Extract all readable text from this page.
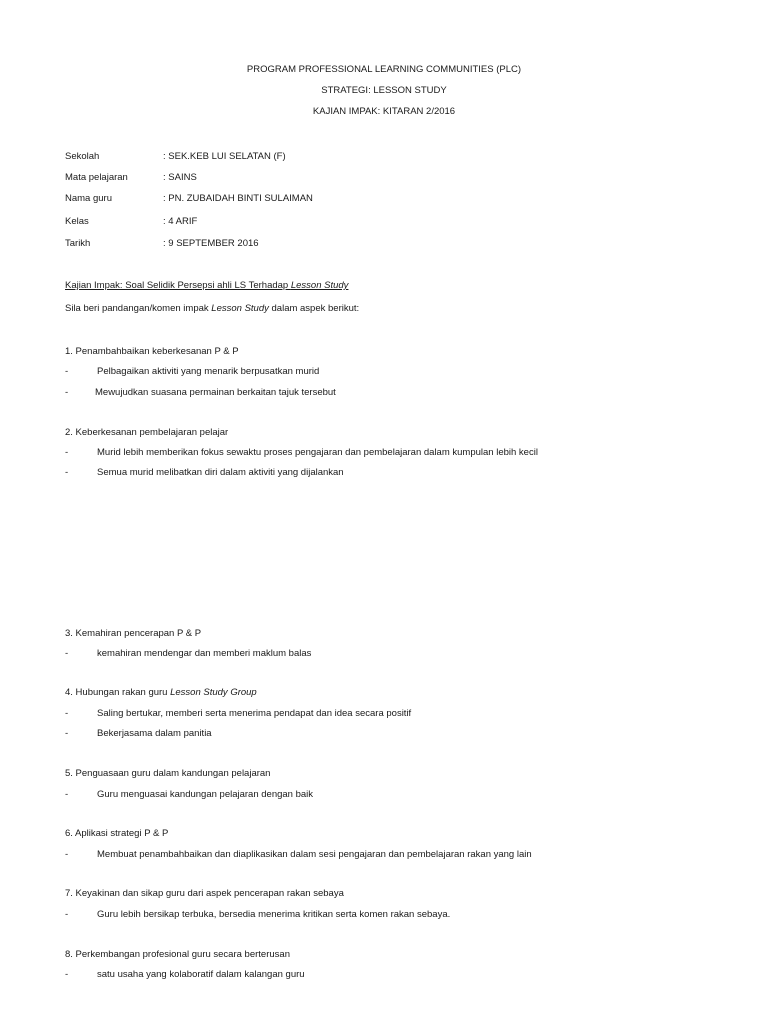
PROGRAM PROFESSIONAL LEARNING COMMUNITIES (PLC)
STRATEGI: LESSON STUDY
KAJIAN IMPAK: KITARAN 2/2016
Sekolah	: SEK.KEB LUI SELATAN (F)
Mata pelajaran	: SAINS
Nama guru	: PN. ZUBAIDAH BINTI SULAIMAN
Kelas	: 4 ARIF
Tarikh	: 9 SEPTEMBER 2016
Kajian Impak: Soal Selidik Persepsi ahli LS Terhadap Lesson Study
Sila beri pandangan/komen impak Lesson Study dalam aspek berikut:
1. Penambahbaikan keberkesanan P & P
-	Pelbagaikan aktiviti yang menarik berpusatkan murid
-	Mewujudkan suasana permainan berkaitan tajuk tersebut
2. Keberkesanan pembelajaran pelajar
-	Murid lebih memberikan fokus sewaktu proses pengajaran dan pembelajaran dalam kumpulan lebih kecil
-	Semua murid melibatkan diri dalam aktiviti yang dijalankan
3. Kemahiran pencerapan P & P
-	kemahiran mendengar dan memberi maklum balas
4. Hubungan rakan guru Lesson Study Group
-	Saling bertukar, memberi serta menerima pendapat dan idea secara positif
-	Bekerjasama dalam panitia
5. Penguasaan guru dalam kandungan pelajaran
-	Guru menguasai kandungan pelajaran dengan baik
6. Aplikasi strategi P & P
-	Membuat penambahbaikan dan diaplikasikan dalam sesi pengajaran dan pembelajaran rakan yang lain
7. Keyakinan dan sikap guru dari aspek pencerapan rakan sebaya
-	Guru lebih bersikap terbuka, bersedia menerima kritikan serta komen rakan sebaya.
8. Perkembangan profesional guru secara berterusan
-	satu usaha yang kolaboratif dalam kalangan guru
